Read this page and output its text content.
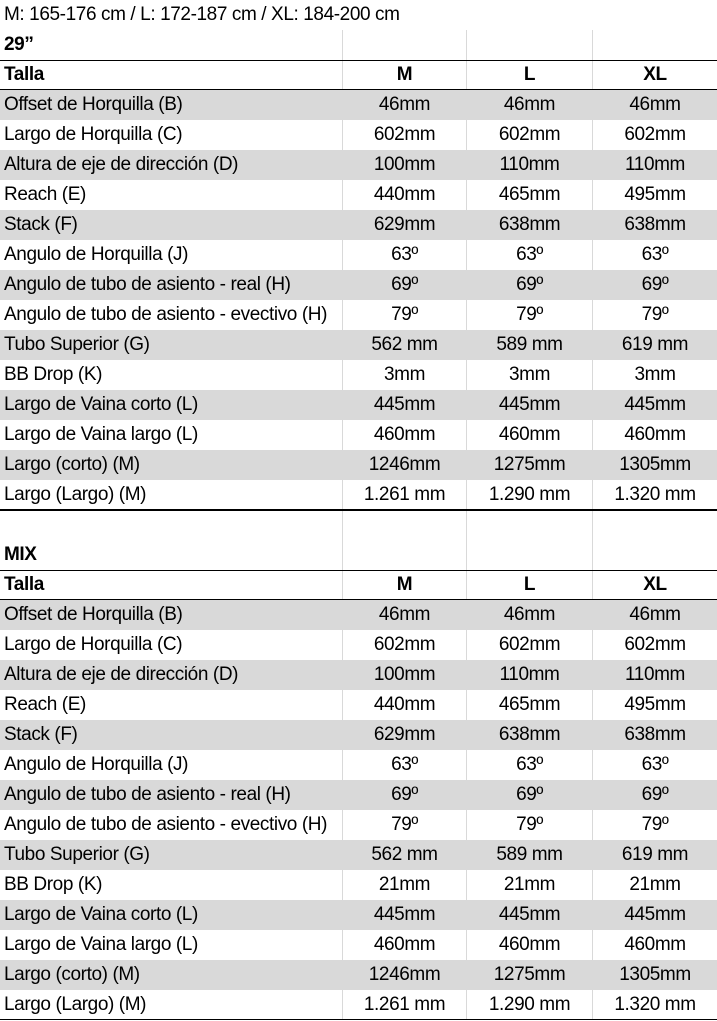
M: 165-176 cm / L: 172-187 cm / XL: 184-200 cm
29’’
Talla	M	L	XL
Offset de Horquilla (B)	46mm	46mm	46mm
Largo de Horquilla (C)	602mm	602mm	602mm
Altura de eje de dirección (D)	100mm	110mm	110mm
Reach (E)	440mm	465mm	495mm
Stack (F)	629mm	638mm	638mm
Angulo de Horquilla (J)	63º	63º	63º
Angulo de tubo de asiento - real (H)	69º	69º	69º
Angulo de tubo de asiento - evectivo (H)	79º	79º	79º
Tubo Superior (G)	562 mm	589 mm	619 mm
BB Drop (K)	3mm	3mm	3mm
Largo de Vaina corto (L)	445mm	445mm	445mm
Largo de Vaina largo (L)	460mm	460mm	460mm
Largo (corto) (M)	1246mm	1275mm	1305mm
Largo (Largo) (M)	1.261 mm	1.290 mm	1.320 mm
MIX
Talla	M	L	XL
Offset de Horquilla (B)	46mm	46mm	46mm
Largo de Horquilla (C)	602mm	602mm	602mm
Altura de eje de dirección (D)	100mm	110mm	110mm
Reach (E)	440mm	465mm	495mm
Stack (F)	629mm	638mm	638mm
Angulo de Horquilla (J)	63º	63º	63º
Angulo de tubo de asiento - real (H)	69º	69º	69º
Angulo de tubo de asiento - evectivo (H)	79º	79º	79º
Tubo Superior (G)	562 mm	589 mm	619 mm
BB Drop (K)	21mm	21mm	21mm
Largo de Vaina corto (L)	445mm	445mm	445mm
Largo de Vaina largo (L)	460mm	460mm	460mm
Largo (corto) (M)	1246mm	1275mm	1305mm
Largo (Largo) (M)	1.261 mm	1.290 mm	1.320 mm
